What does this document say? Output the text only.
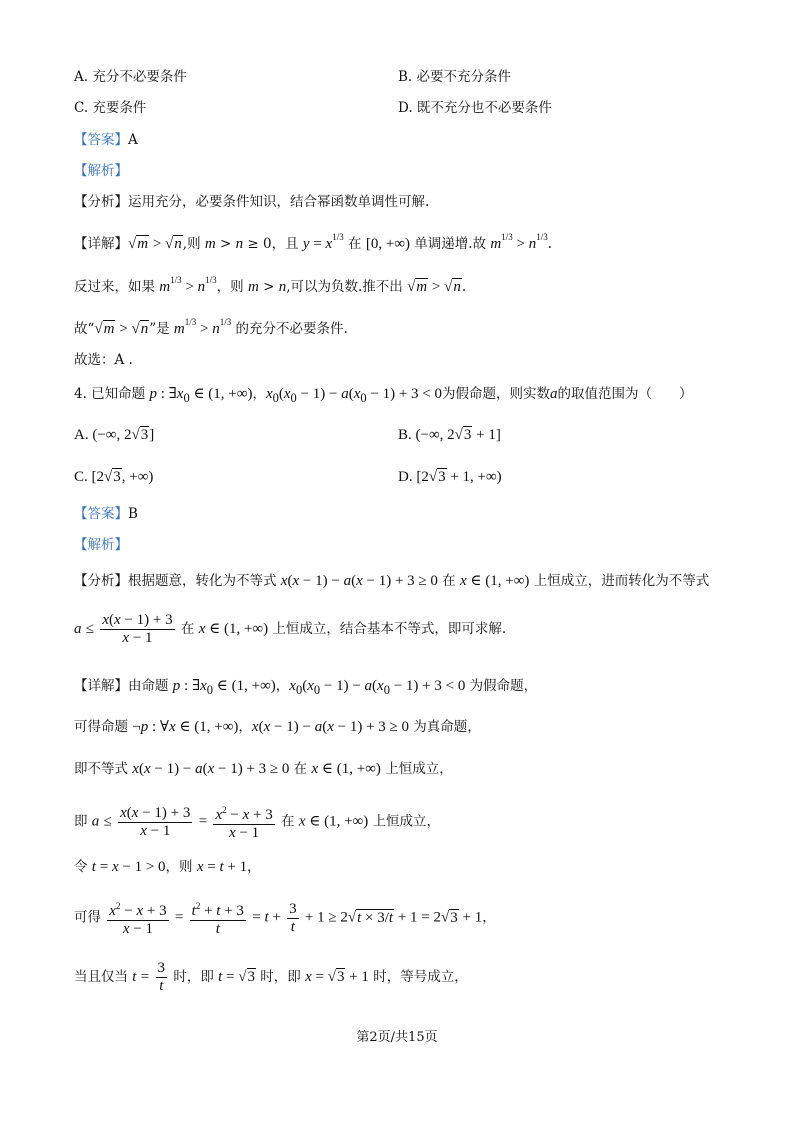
A. 充分不必要条件	B. 必要不充分条件
C. 充要条件	D. 既不充分也不必要条件
【答案】A
【解析】
【分析】运用充分，必要条件知识，结合幂函数单调性可解.
【详解】√m > √n,则 m > n ≥ 0，且 $y = x^{1/3}$ 在 [0, +∞) 单调递增.故 $m^{1/3} > n^{1/3}$.
反过来，如果 $m^{1/3} > n^{1/3}$，则 m > n,可以为负数.推不出 √m > √n.
故“√m > √n”是 $m^{1/3} > n^{1/3}$ 的充分不必要条件.
故选：A .
4. 已知命题 p : $\exists x_0$ ∈ (1, +∞)，$x_0(x_0 - 1) - a(x_0 - 1) + 3 < 0$为假命题，则实数a的取值范围为（　　）
A. (−∞, 2√3]	B. (−∞, 2√3 + 1]
C. [2√3, +∞)	D. [2√3 + 1, +∞)
【答案】B
【解析】
【分析】根据题意，转化为不等式 x(x − 1) − a(x − 1) + 3 ≥ 0 在 x ∈ (1, +∞) 上恒成立，进而转化为不等式
$a \le \frac{x(x - 1) + 3}{x - 1}$ 在 x ∈ (1, +∞) 上恒成立，结合基本不等式，即可求解.
【详解】由命题 p : $\exists x_0$ ∈ (1, +∞)，$x_0(x_0 - 1) - a(x_0 - 1) + 3 < 0$ 为假命题，
可得命题 ¬p : ∀x ∈ (1, +∞)，x(x − 1) − a(x − 1) + 3 ≥ 0 为真命题，
即不等式 x(x − 1) − a(x − 1) + 3 ≥ 0 在 x ∈ (1, +∞) 上恒成立，
即 $a \le \frac{x(x - 1) + 3}{x - 1} = \frac{x^2 - x + 3}{x - 1}$ 在 x ∈ (1, +∞) 上恒成立，
令 t = x − 1 > 0，则 x = t + 1，
可得 $\frac{x^2 - x + 3}{x - 1} = \frac{t^2 + t + 3}{t} = t + \frac{3}{t} + 1 \ge 2√t \times 3/t + 1 = 2√3 + 1$，
当且仅当 $t = \frac{3}{t}$ 时，即 t = √3 时，即 x = √3 + 1 时，等号成立，
第2页/共15页
